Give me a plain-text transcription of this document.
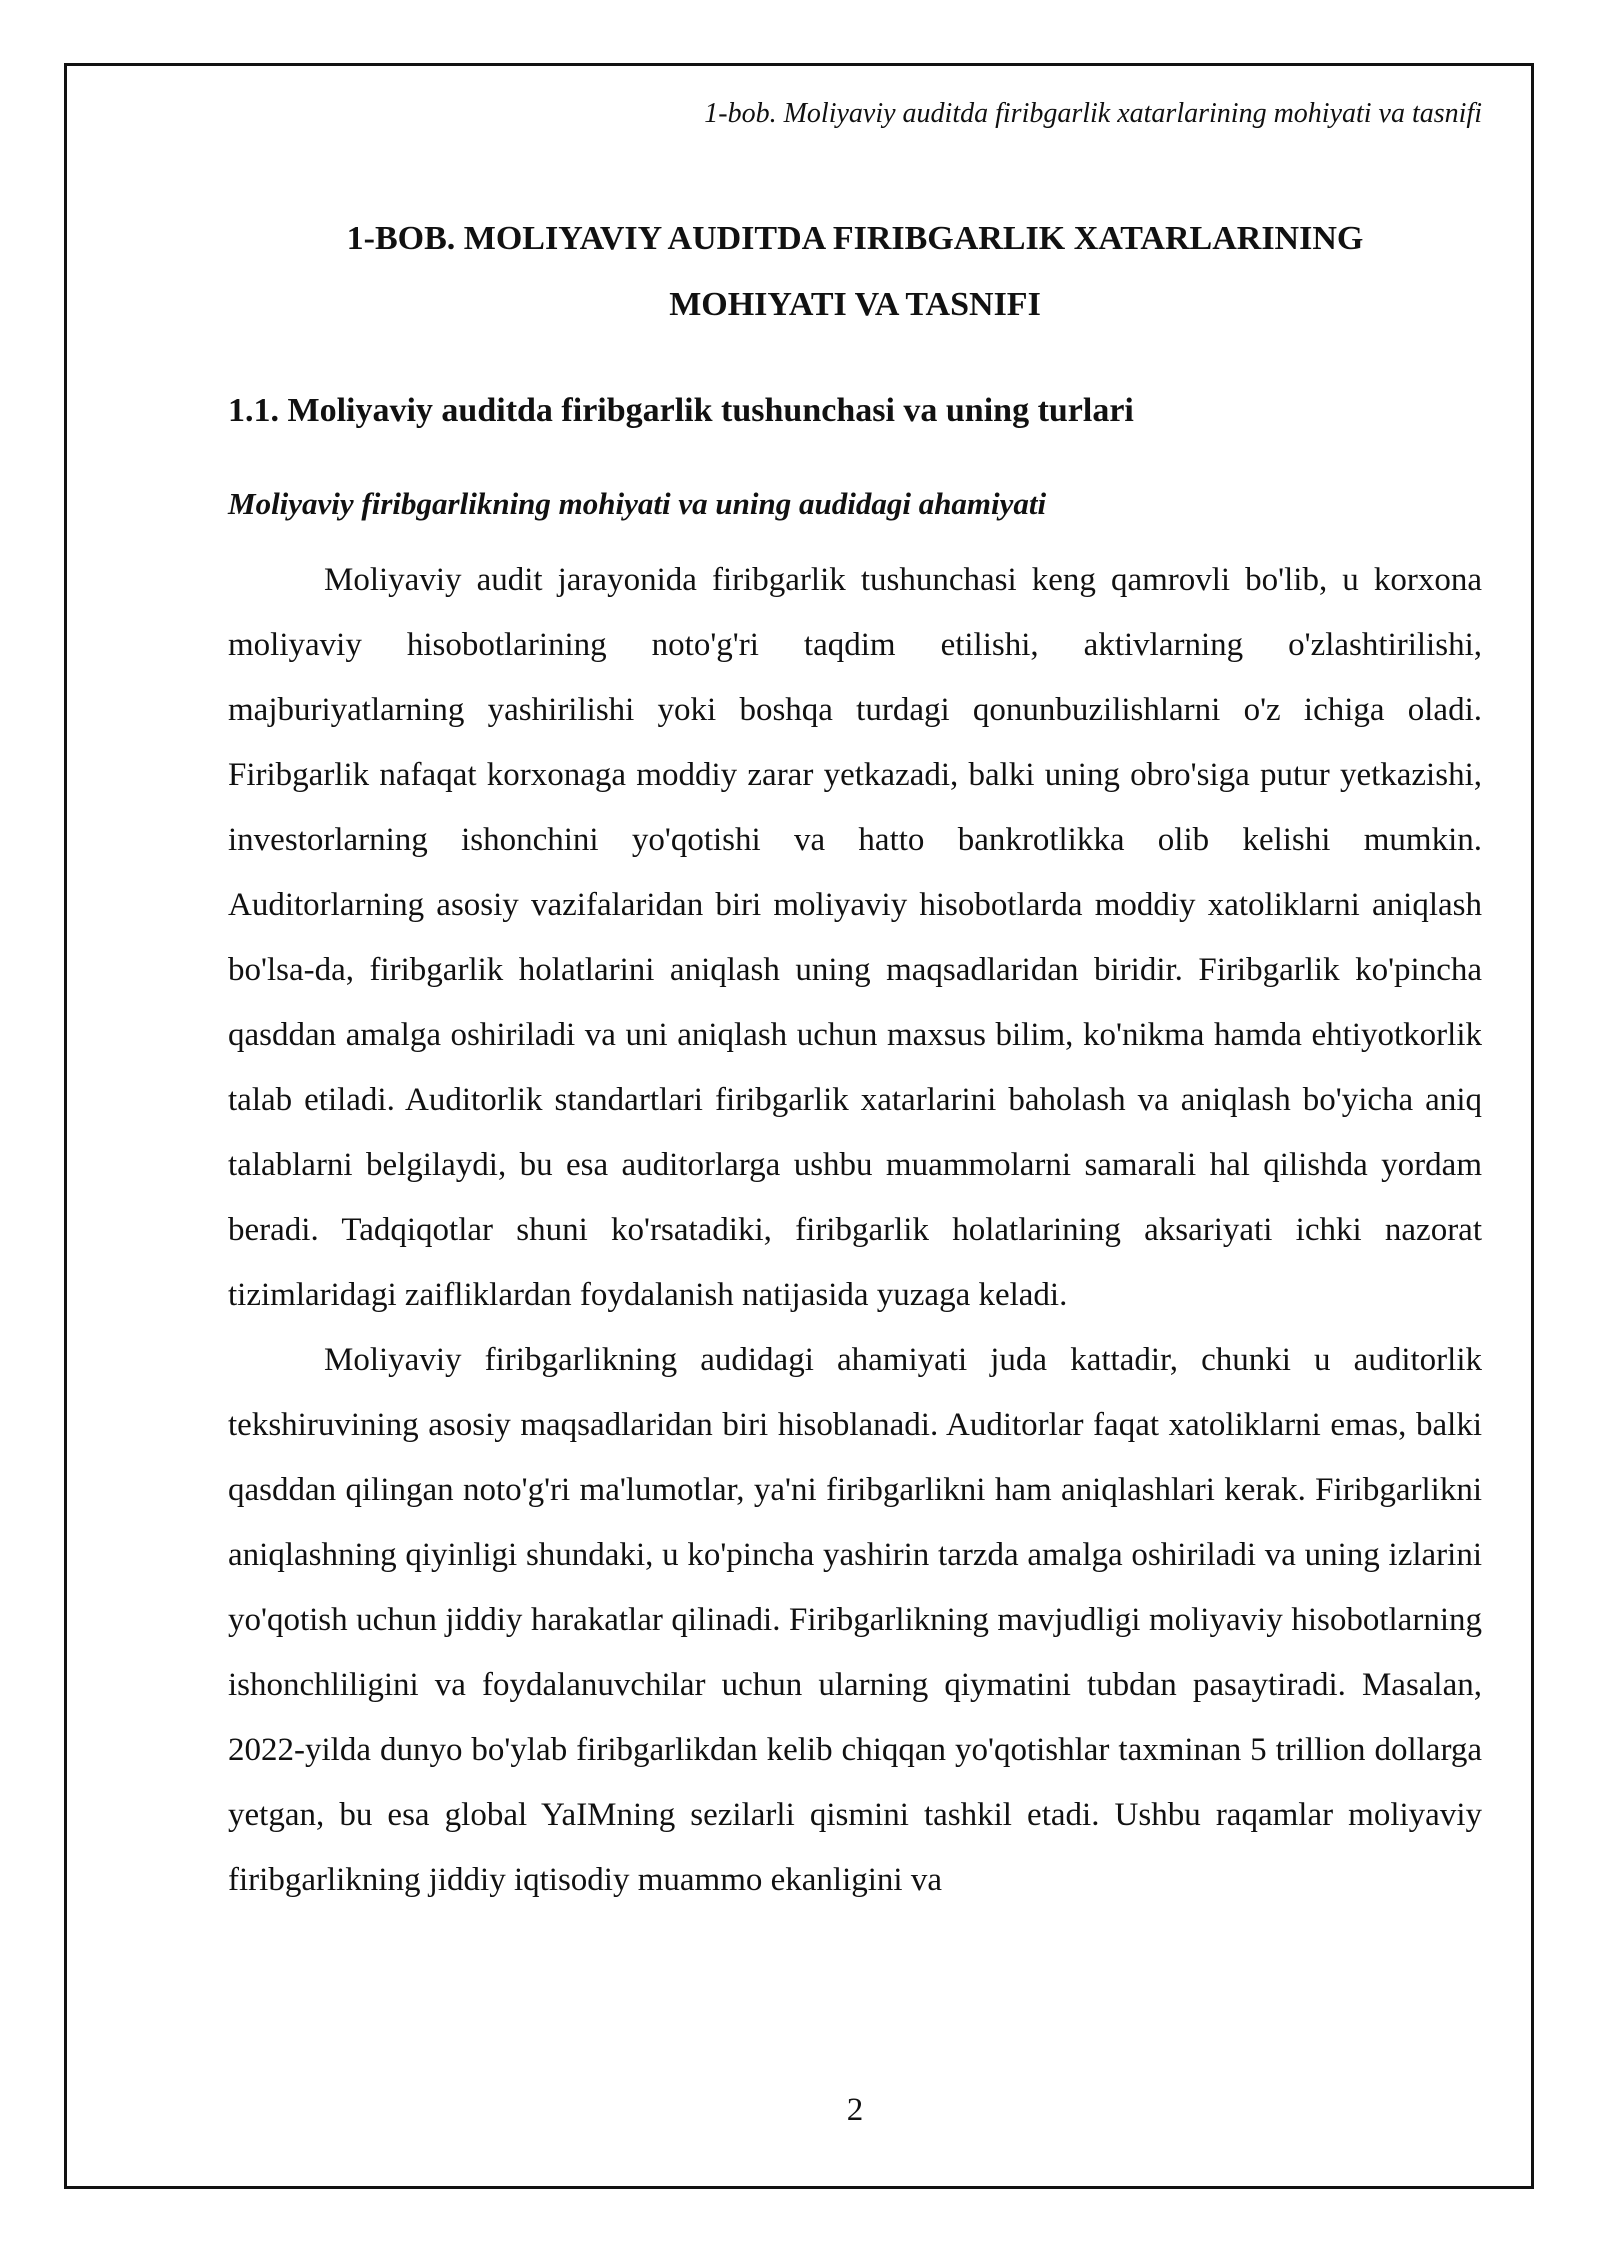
1-bob. Moliyaviy auditda firibgarlik xatarlarining mohiyati va tasnifi
1-BOB. MOLIYAVIY AUDITDA FIRIBGARLIK XATARLARINING
MOHIYATI VA TASNIFI
1.1. Moliyaviy auditda firibgarlik tushunchasi va uning turlari
Moliyaviy firibgarlikning mohiyati va uning audidagi ahamiyati

Moliyaviy audit jarayonida firibgarlik tushunchasi keng qamrovli bo'lib, u korxona moliyaviy hisobotlarining noto'g'ri taqdim etilishi, aktivlarning o'zlashtirilishi, majburiyatlarning yashirilishi yoki boshqa turdagi qonunbuzilishlarni o'z ichiga oladi. Firibgarlik nafaqat korxonaga moddiy zarar yetkazadi, balki uning obro'siga putur yetkazishi, investorlarning ishonchini yo'qotishi va hatto bankrotlikka olib kelishi mumkin. Auditorlarning asosiy vazifalaridan biri moliyaviy hisobotlarda moddiy xatoliklarni aniqlash bo'lsa-da, firibgarlik holatlarini aniqlash uning maqsadlaridan biridir. Firibgarlik ko'pincha qasddan amalga oshiriladi va uni aniqlash uchun maxsus bilim, ko'nikma hamda ehtiyotkorlik talab etiladi. Auditorlik standartlari firibgarlik xatarlarini baholash va aniqlash bo'yicha aniq talablarni belgilaydi, bu esa auditorlarga ushbu muammolarni samarali hal qilishda yordam beradi. Tadqiqotlar shuni ko'rsatadiki, firibgarlik holatlarining aksariyati ichki nazorat tizimlaridagi zaifliklardan foydalanish natijasida yuzaga keladi.

Moliyaviy firibgarlikning audidagi ahamiyati juda kattadir, chunki u auditorlik tekshiruvining asosiy maqsadlaridan biri hisoblanadi. Auditorlar faqat xatoliklarni emas, balki qasddan qilingan noto'g'ri ma'lumotlar, ya'ni firibgarlikni ham aniqlashlari kerak. Firibgarlikni aniqlashning qiyinligi shundaki, u ko'pincha yashirin tarzda amalga oshiriladi va uning izlarini yo'qotish uchun jiddiy harakatlar qilinadi. Firibgarlikning mavjudligi moliyaviy hisobotlarning ishonchliligini va foydalanuvchilar uchun ularning qiymatini tubdan pasaytiradi. Masalan, 2022-yilda dunyo bo'ylab firibgarlikdan kelib chiqqan yo'qotishlar taxminan 5 trillion dollarga yetgan, bu esa global YaIMning sezilarli qismini tashkil etadi. Ushbu raqamlar moliyaviy firibgarlikning jiddiy iqtisodiy muammo ekanligini va

2
